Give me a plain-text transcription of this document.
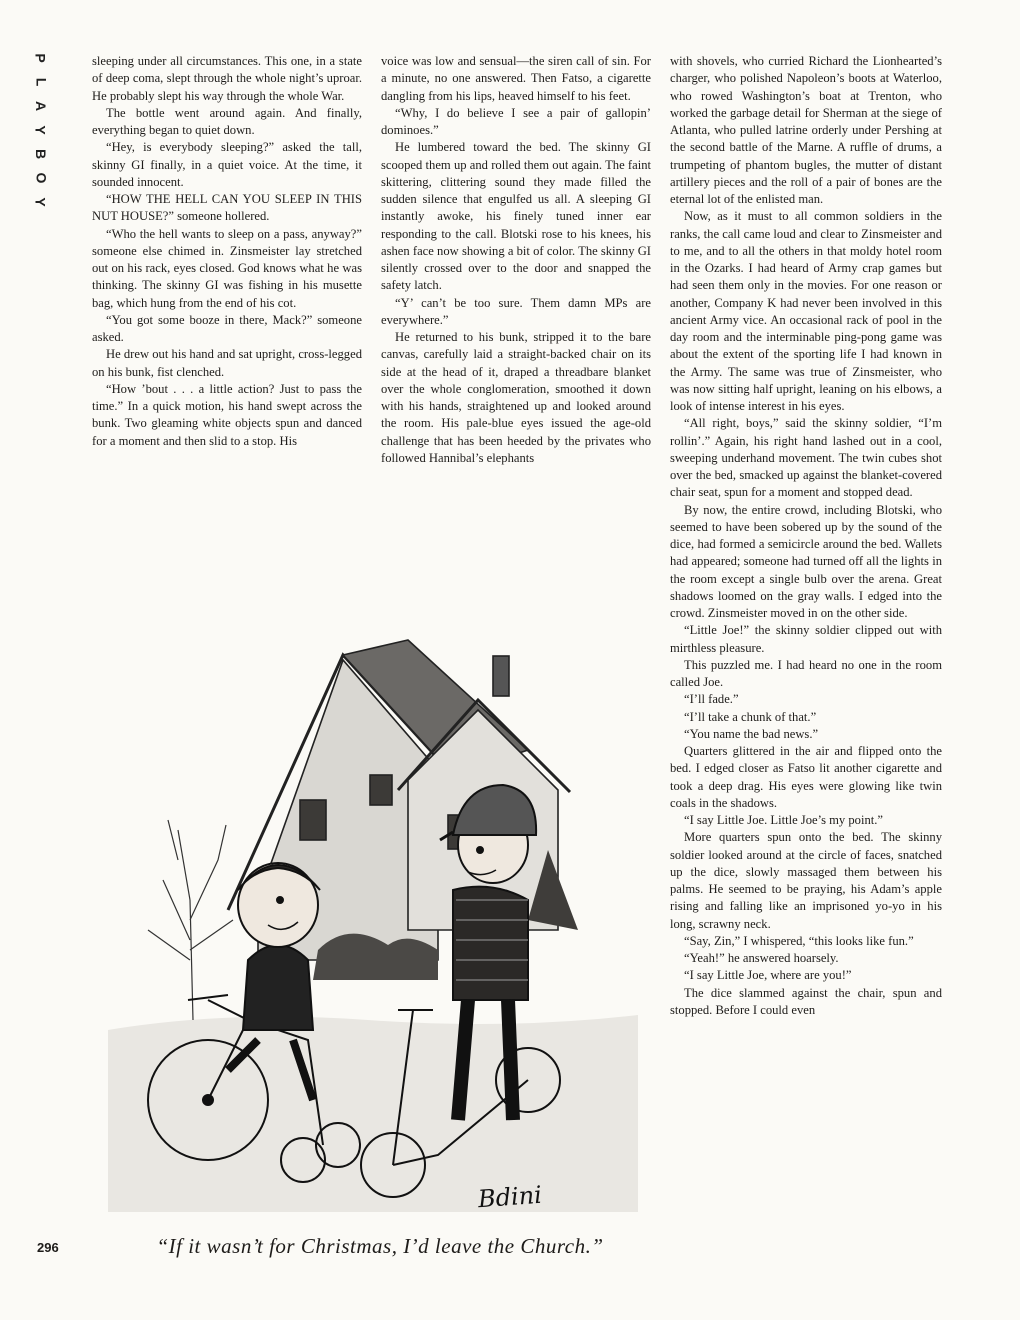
P
L
A
Y
B
O
Y

sleeping under all circumstances. This one, in a state of deep coma, slept through the whole night’s uproar. He probably slept his way through the whole War.

The bottle went around again. And finally, everything began to quiet down.

“Hey, is everybody sleeping?” asked the tall, skinny GI finally, in a quiet voice. At the time, it sounded innocent.

“HOW THE HELL CAN YOU SLEEP IN THIS NUT HOUSE?” someone hollered.

“Who the hell wants to sleep on a pass, anyway?” someone else chimed in. Zinsmeister lay stretched out on his rack, eyes closed. God knows what he was thinking. The skinny GI was fishing in his musette bag, which hung from the end of his cot.

“You got some booze in there, Mack?” someone asked.

He drew out his hand and sat upright, cross-legged on his bunk, fist clenched.

“How ’bout . . . a little action? Just to pass the time.” In a quick motion, his hand swept across the bunk. Two gleaming white objects spun and danced for a moment and then slid to a stop. His

voice was low and sensual—the siren call of sin. For a minute, no one answered. Then Fatso, a cigarette dangling from his lips, heaved himself to his feet.

“Why, I do believe I see a pair of gallopin’ dominoes.”

He lumbered toward the bed. The skinny GI scooped them up and rolled them out again. The faint skittering, clittering sound they made filled the sudden silence that engulfed us all. A sleeping GI instantly awoke, his finely tuned inner ear responding to the call. Blotski rose to his knees, his ashen face now showing a bit of color. The skinny GI silently crossed over to the door and snapped the safety latch.

“Y’ can’t be too sure. Them damn MPs are everywhere.”

He returned to his bunk, stripped it to the bare canvas, carefully laid a straight-backed chair on its side at the head of it, draped a threadbare blanket over the whole conglomeration, smoothed it down with his hands, straightened up and looked around the room. His pale-blue eyes issued the age-old challenge that has been heeded by the privates who followed Hannibal’s elephants

with shovels, who curried Richard the Lionhearted’s charger, who polished Napoleon’s boots at Waterloo, who rowed Washington’s boat at Trenton, who worked the garbage detail for Sherman at the siege of Atlanta, who pulled latrine orderly under Pershing at the second battle of the Marne. A ruffle of drums, a trumpeting of phantom bugles, the mutter of distant artillery pieces and the roll of a pair of bones are the eternal lot of the enlisted man.

Now, as it must to all common soldiers in the ranks, the call came loud and clear to Zinsmeister and to me, and to all the others in that moldy hotel room in the Ozarks. I had heard of Army crap games but had seen them only in the movies. For one reason or another, Company K had never been involved in this ancient Army vice. An occasional rack of pool in the day room and the interminable ping-pong game was about the extent of the sporting life I had known in the Army. The same was true of Zinsmeister, who was now sitting half upright, leaning on his elbows, a look of intense interest in his eyes.

“All right, boys,” said the skinny soldier, “I’m rollin’.” Again, his right hand lashed out in a cool, sweeping underhand movement. The twin cubes shot over the bed, smacked up against the blanket-covered chair seat, spun for a moment and stopped dead.

By now, the entire crowd, including Blotski, who seemed to have been sobered up by the sound of the dice, had formed a semicircle around the bed. Wallets had appeared; someone had turned off all the lights in the room except a single bulb over the arena. Great shadows loomed on the gray walls. I edged into the crowd. Zinsmeister moved in on the other side.

“Little Joe!” the skinny soldier clipped out with mirthless pleasure.

This puzzled me. I had heard no one in the room called Joe.

“I’ll fade.”

“I’ll take a chunk of that.”

“You name the bad news.”

Quarters glittered in the air and flipped onto the bed. I edged closer as Fatso lit another cigarette and took a deep drag. His eyes were glowing like twin coals in the shadows.

“I say Little Joe. Little Joe’s my point.”

More quarters spun onto the bed. The skinny soldier looked around at the circle of faces, snatched up the dice, slowly massaged them between his palms. He seemed to be praying, his Adam’s apple rising and falling like an imprisoned yo-yo in his long, scrawny neck.

“Say, Zin,” I whispered, “this looks like fun.”

“Yeah!” he answered hoarsely.

“I say Little Joe, where are you!”

The dice slammed against the chair, spun and stopped. Before I could even

Bdini
296	“If it wasn’t for Christmas, I’d leave the Church.”
